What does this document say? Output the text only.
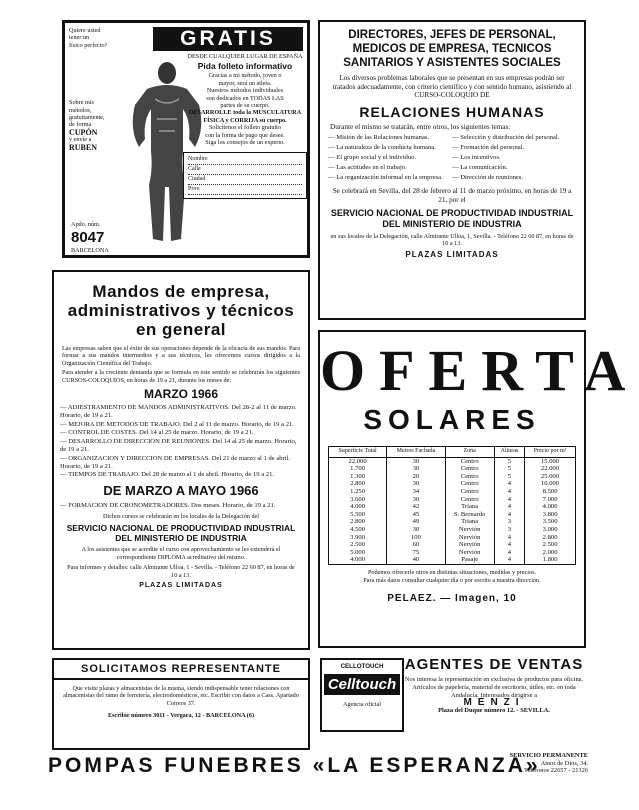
Quiere usted
tener un
físico perfecto?
Sobre mis
métodos,
gratuitamente,
de forma
CUPÓN
y envíe a
RUBEN
GRATIS
DESDE CUALQUIER LUGAR DE ESPAÑA
Pida folleto informativo
Gracias a mi método, joven o
mayor, será un atleta.
Nuestros métodos individuales
son dedicados en TODAS LAS
partes de su cuerpo.
DESARROLLE toda la MUSCULATURA
FÍSICA y CORRIJA su cuerpo.
Solicítenos el folleto gratuito
con la forma de pago que desee.
Siga los consejos de un experto.
Nombre
Calle
Ciudad
Prov.
Apdo. núm.
8047
BARCELONA
DIRECTORES, JEFES DE PERSONAL, MEDICOS DE EMPRESA, TECNICOS SANITARIOS Y ASISTENTES SOCIALES
Los diversos problemas laborales que se presentan en sus empresas podrán ser tratados adecuadamente, con criterio científico y con sentido humano, asistiendo al CURSO-COLOQUIO DE
RELACIONES HUMANAS
Durante el mismo se tratarán, entre otros, los siguientes temas:
— Misión de las Relaciones humanas.
— La naturaleza de la conducta humana.
— El grupo social y el individuo.
— Las actitudes en el trabajo.
— La organización informal en la empresa.
— Selección y distribución del personal.
— Formación del personal.
— Los incentivos.
— La comunicación.
— Dirección de reuniones.
Se celebrará en Sevilla, del 28 de febrero al 11 de marzo próximo, en horas de 19 a 21, por el
SERVICIO NACIONAL DE PRODUCTIVIDAD INDUSTRIAL DEL MINISTERIO DE INDUSTRIA
en sus locales de la Delegación, calle Almirante Ulloa, 1, Sevilla. - Teléfono 22 60 87, en horas de 10 a 13.
PLAZAS LIMITADAS
Mandos de empresa, administrativos y técnicos en general
Las empresas saben que el éxito de sus operaciones depende de la eficacia de sus mandos. Para formar a sus mandos intermedios y a sus técnicos, les ofrecemos cursos dirigidos a la Organización Científica del Trabajo.
Para atender a la creciente demanda que se formula en este sentido se celebrarán los siguientes CURSOS-COLOQUIOS, en horas de 19 a 21, durante los meses de:
MARZO 1966
— ADIESTRAMIENTO DE MANDOS ADMINISTRATIVOS. Del 28-2 al 11 de marzo. Horario, de 19 a 21.
— MEJORA DE METODOS DE TRABAJO. Del 2 al 11 de marzo. Horario, de 19 a 21.
— CONTROL DE COSTES. Del 14 al 25 de marzo. Horario, de 19 a 21.
— DESARROLLO DE DIRECCION DE REUNIONES. Del 14 al 25 de marzo. Horario, de 19 a 21.
— ORGANIZACION Y DIRECCION DE EMPRESAS. Del 21 de marzo al 1 de abril. Horario, de 19 a 21.
— TIEMPOS DE TRABAJO. Del 28 de marzo al 1 de abril. Horario, de 19 a 21.
DE MARZO A MAYO 1966
— FORMACION DE CRONOMETRADORES. Dos meses. Horario, de 19 a 21.
Dichos cursos se celebrarán en los locales de la Delegación del
SERVICIO NACIONAL DE PRODUCTIVIDAD INDUSTRIAL DEL MINISTERIO DE INDUSTRIA
A los asistentes que se acredite el curso con aprovechamiento se les extenderá el correspondiente DIPLOMA acreditativo del mismo.
Para informes y detalles: calle Almirante Ulloa, 1 - Sevilla. - Teléfono 22 60 87, en horas de 10 a 13.
PLAZAS LIMITADAS
OFERTA
SOLARES
Superficie Total	Metros Fachada	Zona	Alturas	Precio por m²
22.000	30	Centro	5	15.000
1.700	30	Centro	5	22.000
1.300	20	Centro	5	25.000
2.800	30	Centro	4	10.000
1.250	34	Centro	4	8.500
3.600	30	Centro	4	7.000
4.000	42	Triana	4	4.000
5.500	45	S. Bernardo	4	3.800
2.800	49	Triana	3	3.500
4.500	30	Nervión	3	3.000
3.900	100	Nervión	4	2.800
2.500	60	Nervión	4	2.500
5.000	75	Nervión	4	2.000
4.000	40	Pasaje	4	1.800
Podemos ofrecerle otros en distintas situaciones, medidas y precios.
Para más datos consultar cualquier día o por escrito a nuestra dirección.
PELAEZ. — Imagen, 10
SOLICITAMOS REPRESENTANTE
Que visite plazas y almacenistas de la misma, siendo indispensable tener relaciones con almacenistas del ramo de ferretería, electrodomésticos, etc. Escribir con datos a Cass. Apartado Correos 37.
Escribir número 3011 - Vergara, 12 - BARCELONA (6)
CELLOTOUCH
Celltouch
Agencia oficial
AGENTES DE VENTAS
Nos interesa la representación en exclusiva de productos para oficina. Artículos de papelería, material de escritorio, útiles, etc. en toda Andalucía. Interesados dirigirse a
MENZI
Plaza del Duque número 12. - SEVILLA.
POMPAS FUNEBRES «LA ESPERANZA»
SERVICIO PERMANENTE
Amor de Dios, 34.
Teléfonos 22657 - 21326
